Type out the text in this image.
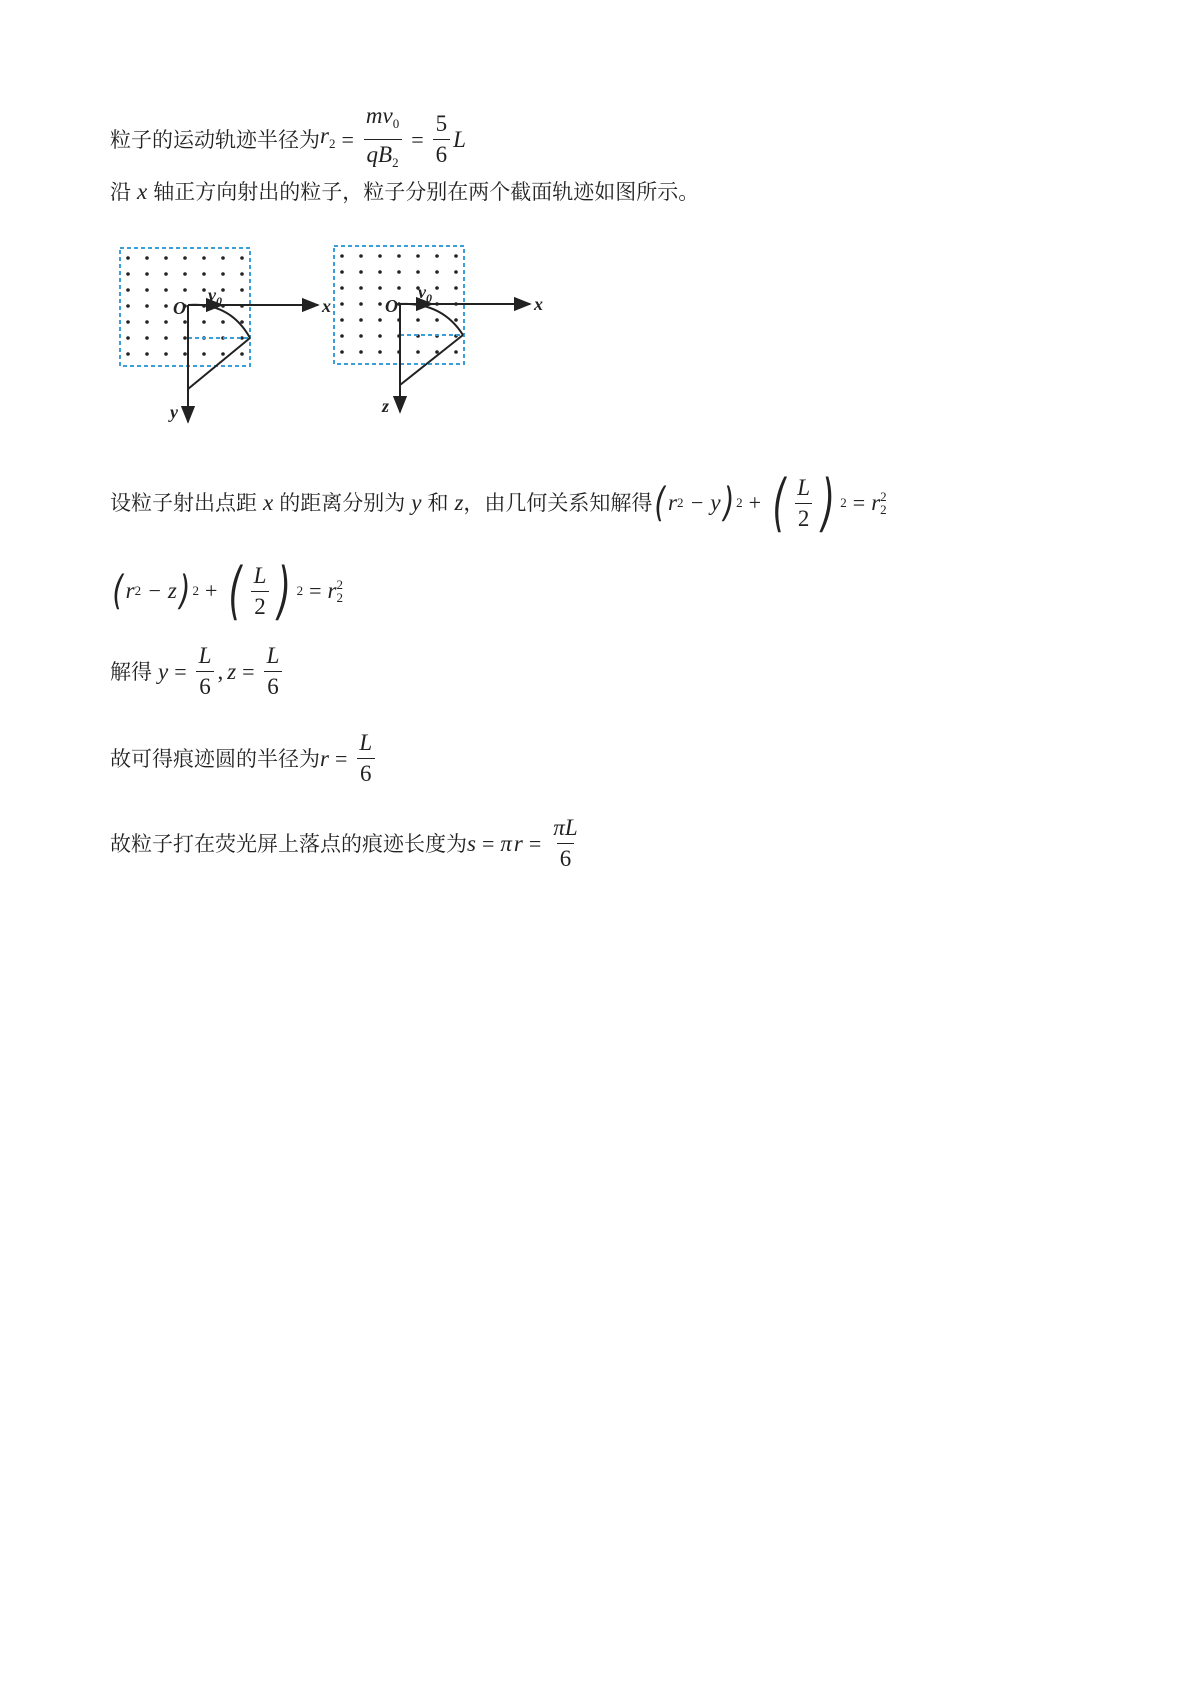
粒子的运动轨迹半径为 $r_2 = \frac{mv_0}{qB_2} = \frac{5}{6}$ L
沿 x 轴正方向射出的粒子，粒子分别在两个截面轨迹如图所示。
O
$v_0$	x
y
O
$v_0$	x
z
设粒子射出点距 x 的距离分别为 y 和 z ，由几何关系知解得 ( r 2 − y ) 2 + ( $\frac{L}{2}$ ) 2 = r 2
2
( r 2 − z ) 2 + ( $\frac{L}{2}$ ) 2 = r 2
2
解得 $y = \frac{L}{6}$ , $z = \frac{L}{6}$
故可得痕迹圆的半径为 $r = \frac{L}{6}$
故粒子打在荧光屏上落点的痕迹长度为 s = π $r = \frac{\pi L}{6}$
